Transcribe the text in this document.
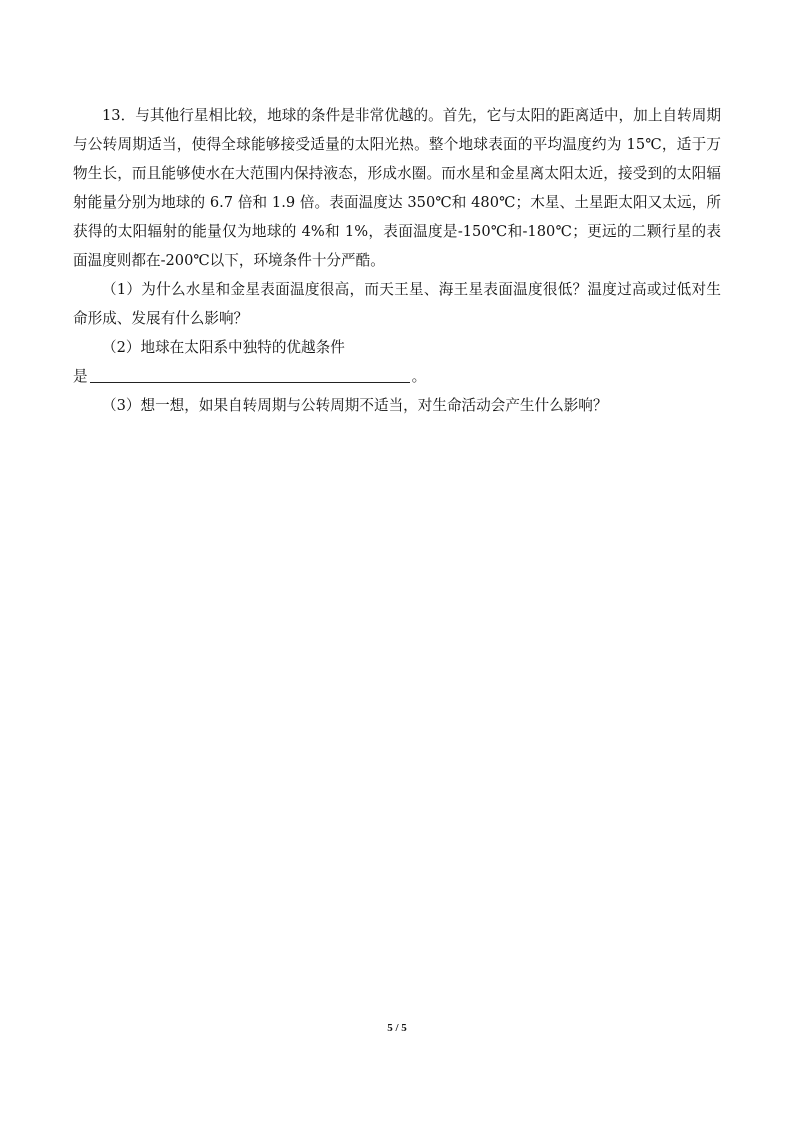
13．与其他行星相比较，地球的条件是非常优越的。首先，它与太阳的距离适中，加上自转周期与公转周期适当，使得全球能够接受适量的太阳光热。整个地球表面的平均温度约为 15℃，适于万物生长，而且能够使水在大范围内保持液态，形成水圈。而水星和金星离太阳太近，接受到的太阳辐射能量分别为地球的 6.7 倍和 1.9 倍。表面温度达 350℃和 480℃；木星、土星距太阳又太远，所获得的太阳辐射的能量仅为地球的 4%和 1%，表面温度是-150℃和-180℃；更远的二颗行星的表面温度则都在-200℃以下，环境条件十分严酷。

（1）为什么水星和金星表面温度很高，而天王星、海王星表面温度很低？温度过高或过低对生命形成、发展有什么影响？

（2）地球在太阳系中独特的优越条件

是	。

（3）想一想，如果自转周期与公转周期不适当，对生命活动会产生什么影响？

5 / 5
